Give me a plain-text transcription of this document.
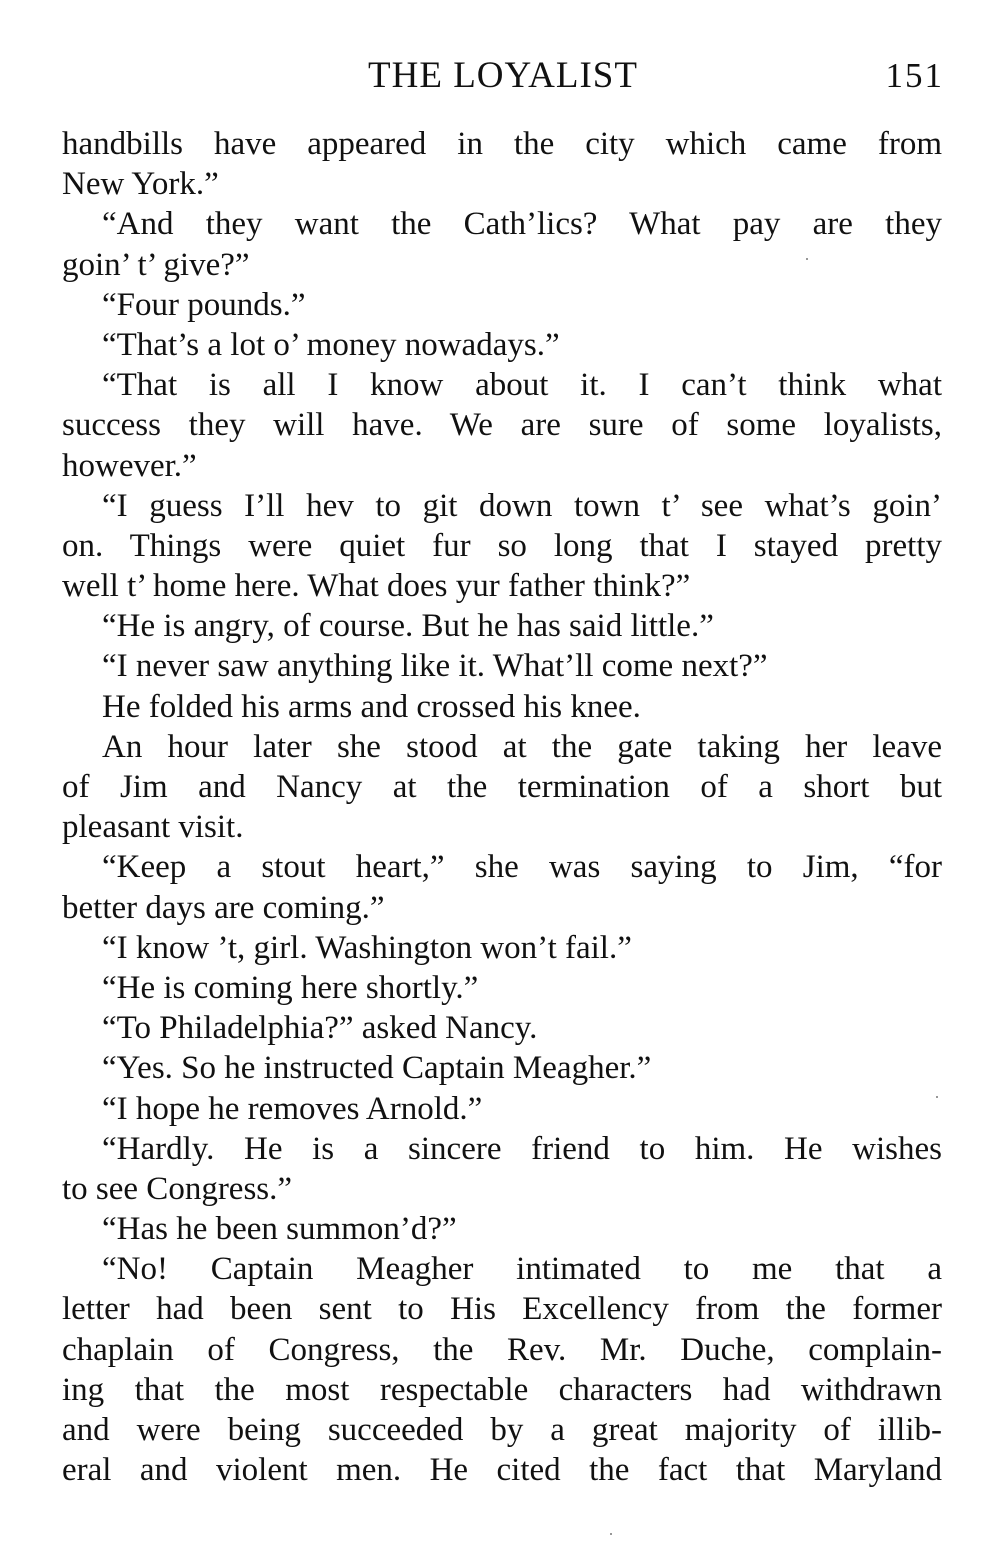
THE LOYALIST	151
handbills have appeared in the city which came from
New York.”
“And they want the Cath’lics? What pay are they
goin’ t’ give?”
“Four pounds.”
“That’s a lot o’ money nowadays.”
“That is all I know about it. I can’t think what
success they will have. We are sure of some loyalists,
however.”
“I guess I’ll hev to git down town t’ see what’s goin’
on. Things were quiet fur so long that I stayed pretty
well t’ home here. What does yur father think?”
“He is angry, of course. But he has said little.”
“I never saw anything like it. What’ll come next?”
He folded his arms and crossed his knee.
An hour later she stood at the gate taking her leave
of Jim and Nancy at the termination of a short but
pleasant visit.
“Keep a stout heart,” she was saying to Jim, “for
better days are coming.”
“I know ’t, girl. Washington won’t fail.”
“He is coming here shortly.”
“To Philadelphia?” asked Nancy.
“Yes. So he instructed Captain Meagher.”
“I hope he removes Arnold.”
“Hardly. He is a sincere friend to him. He wishes
to see Congress.”
“Has he been summon’d?”
“No! Captain Meagher intimated to me that a
letter had been sent to His Excellency from the former
chaplain of Congress, the Rev. Mr. Duche, complain-
ing that the most respectable characters had withdrawn
and were being succeeded by a great majority of illib-
eral and violent men. He cited the fact that Maryland
